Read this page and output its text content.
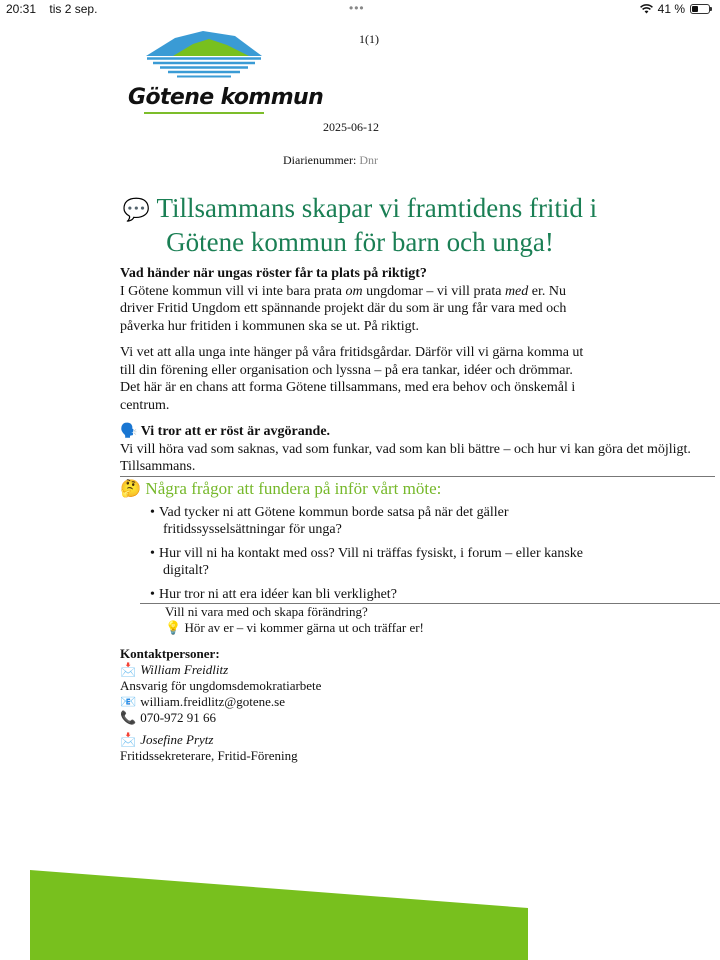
20:31 tis 2 sep.	•••	41 %
Götene kommun
1(1)
2025-06-12
Diarienummer: Dnr
💬 Tillsammans skapar vi framtidens fritid i Götene kommun för barn och unga!

Vad händer när ungas röster får ta plats på riktigt?

I Götene kommun vill vi inte bara prata om ungdomar – vi vill prata med er. Nu driver Fritid Ungdom ett spännande projekt där du som är ung får vara med och påverka hur fritiden i kommunen ska se ut. På riktigt.

Vi vet att alla unga inte hänger på våra fritidsgårdar. Därför vill vi gärna komma ut till din förening eller organisation och lyssna – på era tankar, idéer och drömmar. Det här är en chans att forma Götene tillsammans, med era behov och önskemål i centrum.

🗣️ Vi tror att er röst är avgörande.

Vi vill höra vad som saknas, vad som funkar, vad som kan bli bättre – och hur vi kan göra det möjligt. Tillsammans.

🤔 Några frågor att fundera på inför vårt möte:
• Vad tycker ni att Götene kommun borde satsa på när det gäller fritidssysselsättningar för unga?
• Hur vill ni ha kontakt med oss? Vill ni träffas fysiskt, i forum – eller kanske digitalt?
• Hur tror ni att era idéer kan bli verklighet?
Vill ni vara med och skapa förändring?
💡 Hör av er – vi kommer gärna ut och träffar er!
Kontaktpersoner:
📩 William Freidlitz
Ansvarig för ungdomsdemokratiarbete
📧 william.freidlitz@gotene.se
📞 070-972 91 66
📩 Josefine Prytz
Fritidssekreterare, Fritid-Förening
